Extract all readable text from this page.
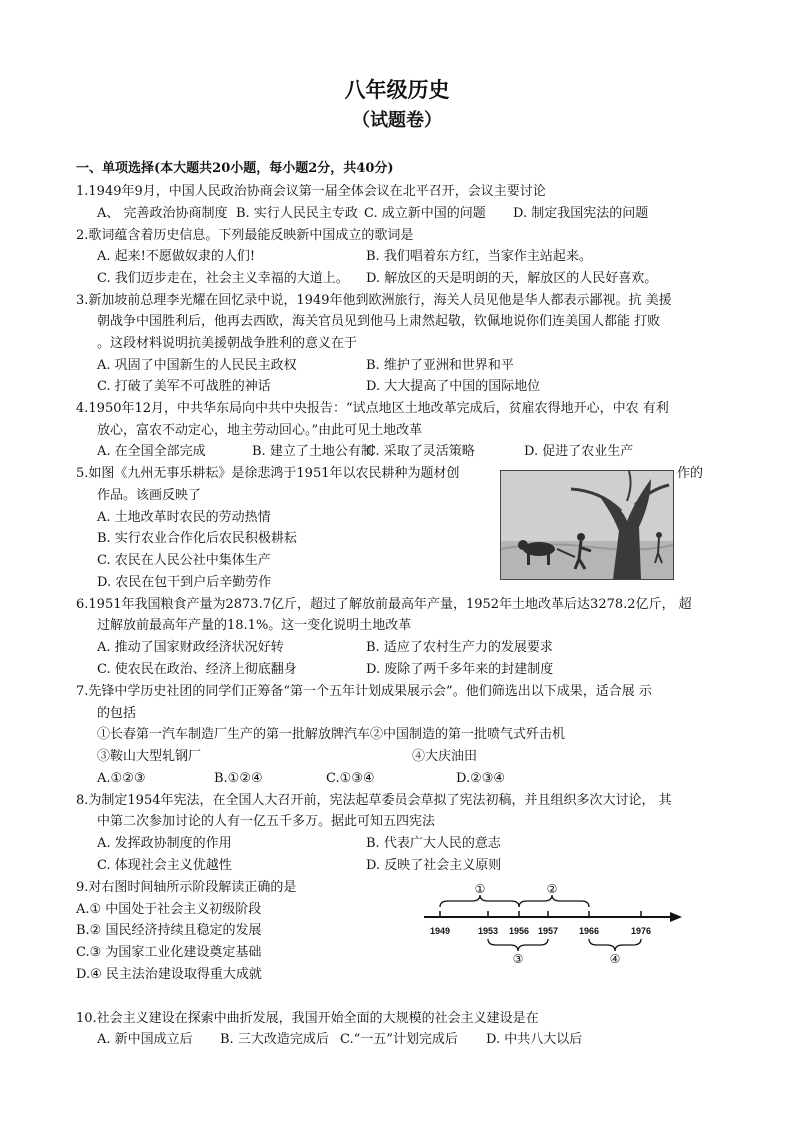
八年级历史
（试题卷）
一、单项选择(本大题共20小题，每小题2分，共40分)
1.1949年9月，中国人民政治协商会议第一届全体会议在北平召开，会议主要讨论
A、 完善政治协商制度 B. 实行人民民主专政 C. 成立新中国的问题 D. 制定我国宪法的问题
2.歌词蕴含着历史信息。下列最能反映新中国成立的歌词是
A. 起来!不愿做奴隶的人们!	B. 我们唱着东方红，当家作主站起来。
C. 我们迈步走在，社会主义幸福的大道上。 D. 解放区的天是明朗的天，解放区的人民好喜欢。
3.新加坡前总理李光耀在回忆录中说，1949年他到欧洲旅行，海关人员见他是华人都表示鄙视。抗 美援
朝战争中国胜利后，他再去西欧，海关官员见到他马上肃然起敬，钦佩地说你们连美国人都能 打败
。这段材料说明抗美援朝战争胜利的意义在于
A. 巩固了中国新生的人民民主政权	B. 维护了亚洲和世界和平
C. 打破了美军不可战胜的神话	D. 大大提高了中国的国际地位
4.1950年12月，中共华东局向中共中央报告：“试点地区土地改革完成后，贫雇农得地开心，中农 有利
放心，富农不动定心，地主劳动回心。”由此可见土地改革
A. 在全国全部完成	B. 建立了土地公有制C. 采取了灵活策略	D. 促进了农业生产
5.如图《九州无事乐耕耘》是徐悲鸿于1951年以农民耕种为题材创	作的
作品。该画反映了
A. 土地改革时农民的劳动热情
B. 实行农业合作化后农民积极耕耘
C. 农民在人民公社中集体生产
D. 农民在包干到户后辛勤劳作
6.1951年我国粮食产量为2873.7亿斤，超过了解放前最高年产量，1952年土地改革后达3278.2亿斤， 超
过解放前最高年产量的18.1%。这一变化说明土地改革
A. 推动了国家财政经济状况好转	B. 适应了农村生产力的发展要求
C. 使农民在政治、经济上彻底翻身	D. 废除了两千多年来的封建制度
7.先锋中学历史社团的同学们正筹备“第一个五年计划成果展示会”。他们筛选出以下成果，适合展 示
的包括
①长春第一汽车制造厂生产的第一批解放牌汽车②中国制造的第一批喷气式歼击机
③鞍山大型轧钢厂	④大庆油田
A.①②③	B.①②④	C.①③④	D.②③④
8.为制定1954年宪法，在全国人大召开前，宪法起草委员会草拟了宪法初稿，并且组织多次大讨论， 其
中第二次参加讨论的人有一亿五千多万。据此可知五四宪法
A. 发挥政协制度的作用	B. 代表广大人民的意志
C. 体现社会主义优越性	D. 反映了社会主义原则
9.对右图时间轴所示阶段解读正确的是
A.① 中国处于社会主义初级阶段
B.② 国民经济持续且稳定的发展
C.③ 为国家工业化建设奠定基础
D.④ 民主法治建设取得重大成就
1949	1953 1956 1957 1966	1976
①	②
③	④
10.社会主义建设在探索中曲折发展，我国开始全面的大规模的社会主义建设是在
A. 新中国成立后 B. 三大改造完成后 C.“一五”计划完成后 D. 中共八大以后
